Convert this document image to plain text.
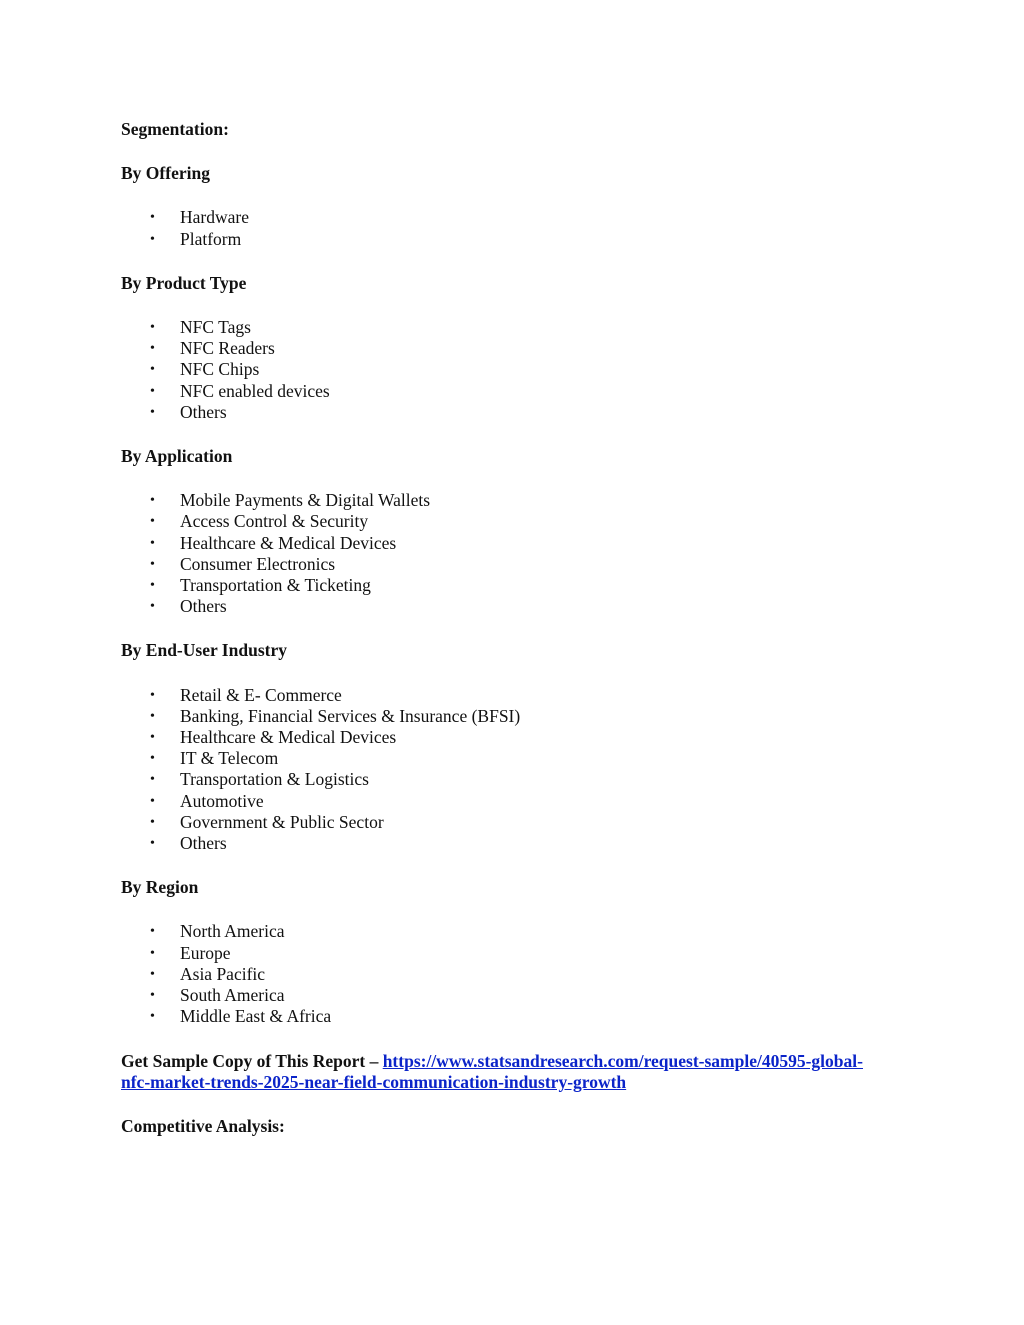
Segmentation:

By Offering

• Hardware
• Platform

By Product Type

• NFC Tags
• NFC Readers
• NFC Chips
• NFC enabled devices
• Others

By Application

• Mobile Payments & Digital Wallets
• Access Control & Security
• Healthcare & Medical Devices
• Consumer Electronics
• Transportation & Ticketing
• Others

By End-User Industry

• Retail & E- Commerce
• Banking, Financial Services & Insurance (BFSI)
• Healthcare & Medical Devices
• IT & Telecom
• Transportation & Logistics
• Automotive
• Government & Public Sector
• Others

By Region

• North America
• Europe
• Asia Pacific
• South America
• Middle East & Africa

Get Sample Copy of This Report – https://www.statsandresearch.com/request-sample/40595-global-
nfc-market-trends-2025-near-field-communication-industry-growth

Competitive Analysis:
